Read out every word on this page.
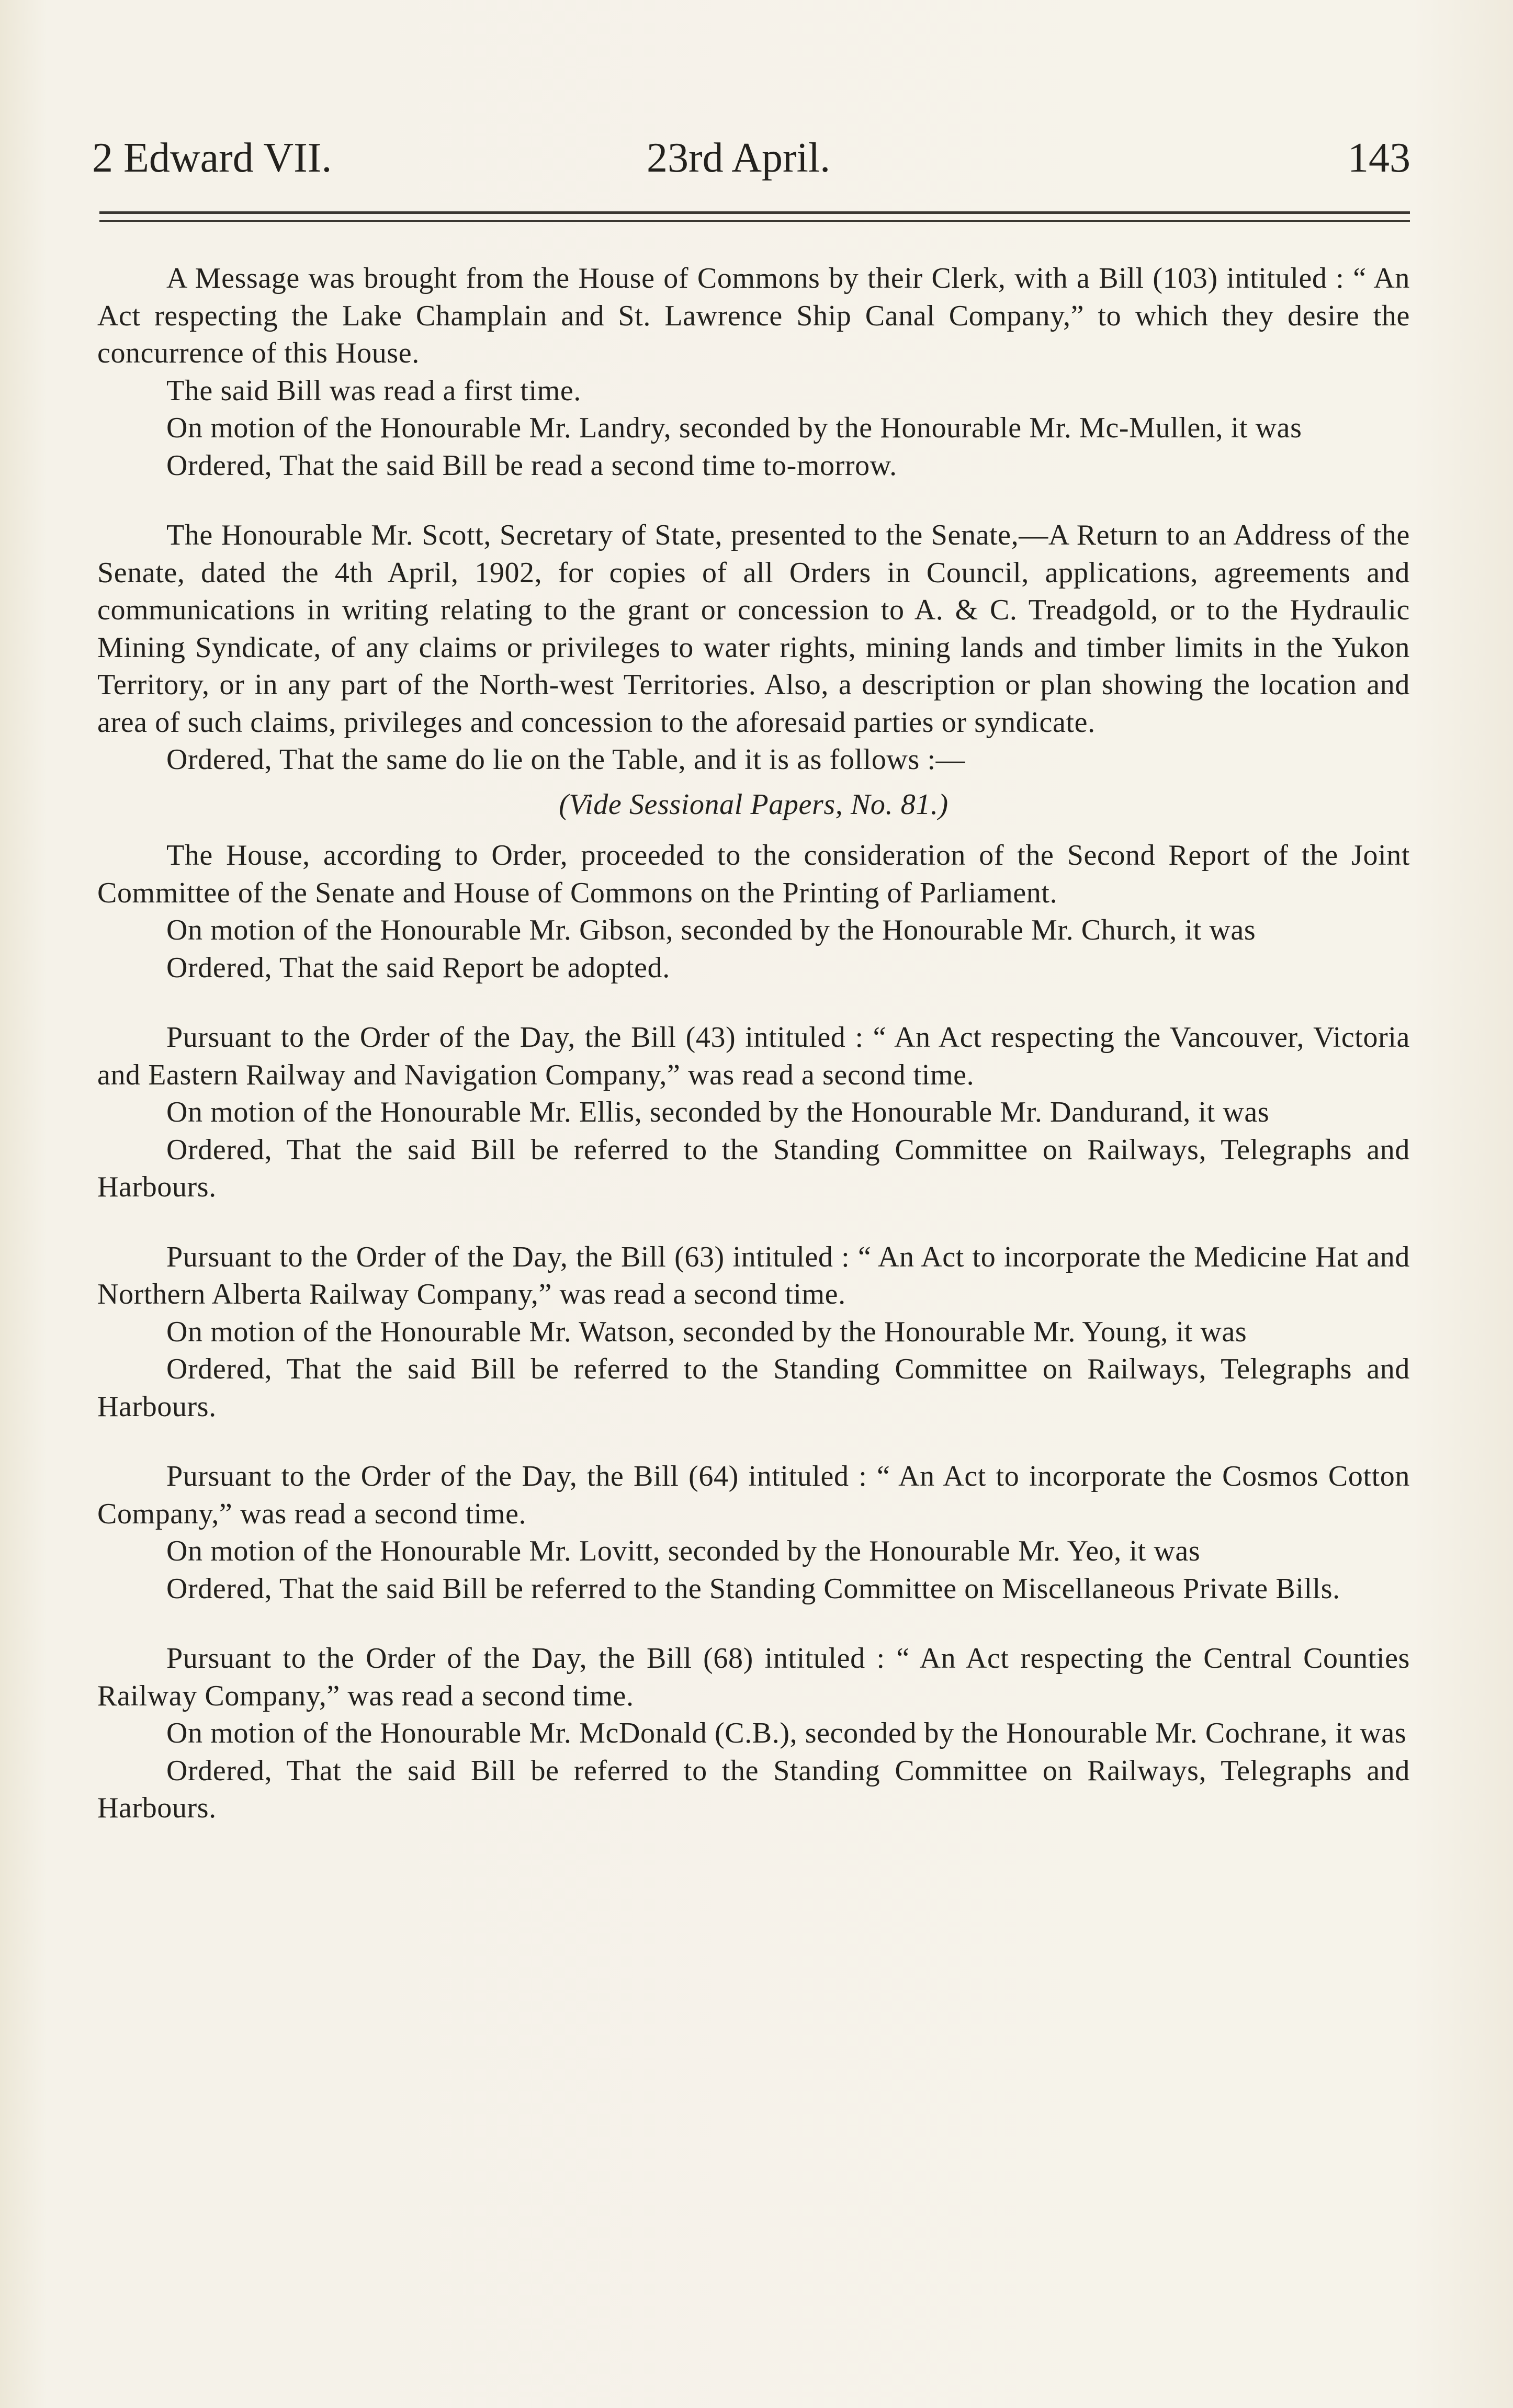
2 Edward VII.	23rd April.	143

A Message was brought from the House of Commons by their Clerk, with a Bill (103) intituled : “ An Act respecting the Lake Champlain and St. Lawrence Ship Canal Company,” to which they desire the concurrence of this House.

The said Bill was read a first time.

On motion of the Honourable Mr. Landry, seconded by the Honourable Mr. Mc-Mullen, it was

Ordered, That the said Bill be read a second time to-morrow.

The Honourable Mr. Scott, Secretary of State, presented to the Senate,—A Return to an Address of the Senate, dated the 4th April, 1902, for copies of all Orders in Council, applications, agreements and communications in writing relating to the grant or concession to A. & C. Treadgold, or to the Hydraulic Mining Syndicate, of any claims or privileges to water rights, mining lands and timber limits in the Yukon Territory, or in any part of the North-west Territories. Also, a description or plan showing the location and area of such claims, privileges and concession to the aforesaid parties or syndicate.

Ordered, That the same do lie on the Table, and it is as follows :—

(Vide Sessional Papers, No. 81.)

The House, according to Order, proceeded to the consideration of the Second Report of the Joint Committee of the Senate and House of Commons on the Printing of Parliament.

On motion of the Honourable Mr. Gibson, seconded by the Honourable Mr. Church, it was

Ordered, That the said Report be adopted.

Pursuant to the Order of the Day, the Bill (43) intituled : “ An Act respecting the Vancouver, Victoria and Eastern Railway and Navigation Company,” was read a second time.

On motion of the Honourable Mr. Ellis, seconded by the Honourable Mr. Dandurand, it was

Ordered, That the said Bill be referred to the Standing Committee on Railways, Telegraphs and Harbours.

Pursuant to the Order of the Day, the Bill (63) intituled : “ An Act to incorporate the Medicine Hat and Northern Alberta Railway Company,” was read a second time.

On motion of the Honourable Mr. Watson, seconded by the Honourable Mr. Young, it was

Ordered, That the said Bill be referred to the Standing Committee on Railways, Telegraphs and Harbours.

Pursuant to the Order of the Day, the Bill (64) intituled : “ An Act to incorporate the Cosmos Cotton Company,” was read a second time.

On motion of the Honourable Mr. Lovitt, seconded by the Honourable Mr. Yeo, it was

Ordered, That the said Bill be referred to the Standing Committee on Miscellaneous Private Bills.

Pursuant to the Order of the Day, the Bill (68) intituled : “ An Act respecting the Central Counties Railway Company,” was read a second time.

On motion of the Honourable Mr. McDonald (C.B.), seconded by the Honourable Mr. Cochrane, it was

Ordered, That the said Bill be referred to the Standing Committee on Railways, Telegraphs and Harbours.
